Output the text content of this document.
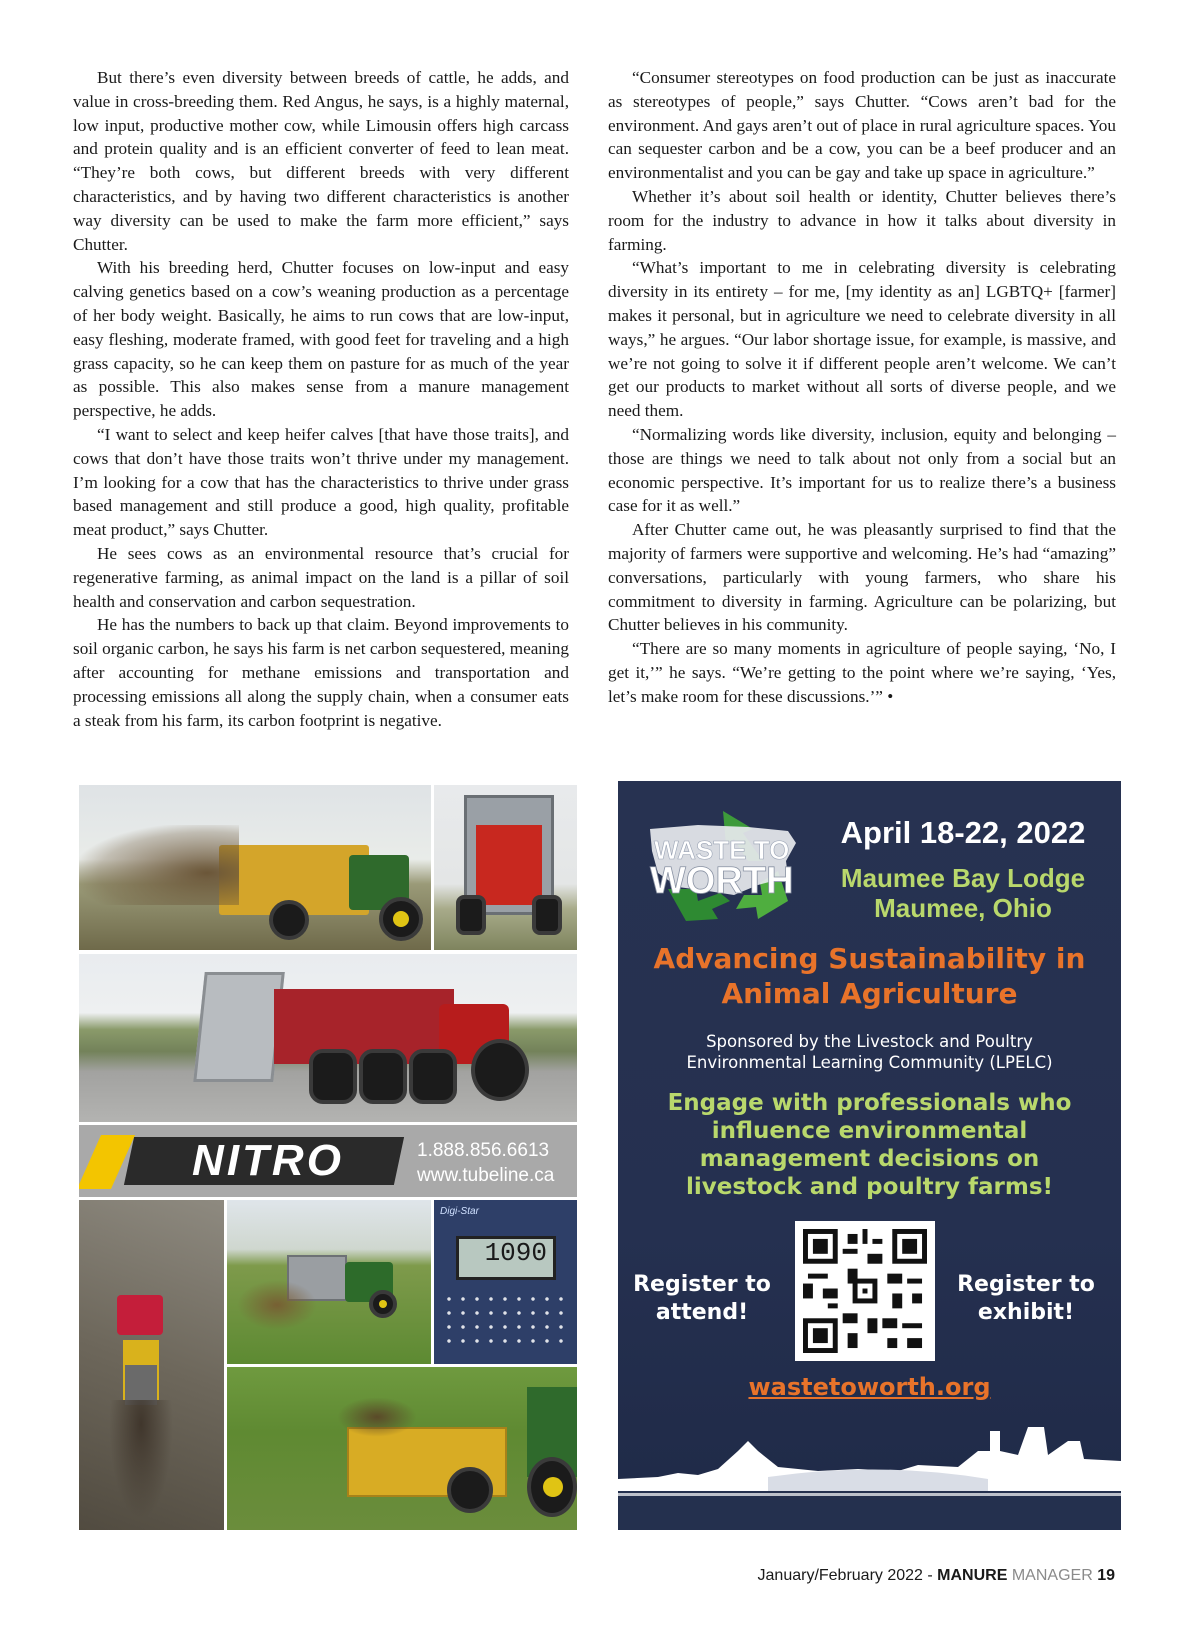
But there’s even diversity between breeds of cattle, he adds, and value in cross-breeding them. Red Angus, he says, is a highly maternal, low input, productive mother cow, while Limousin offers high carcass and protein quality and is an efficient converter of feed to lean meat. “They’re both cows, but different breeds with very different characteristics, and by having two different characteristics is another way diversity can be used to make the farm more efficient,” says Chutter.

With his breeding herd, Chutter focuses on low-input and easy calving genetics based on a cow’s weaning production as a percentage of her body weight. Basically, he aims to run cows that are low-input, easy fleshing, moderate framed, with good feet for traveling and a high grass capacity, so he can keep them on pasture for as much of the year as possible. This also makes sense from a manure management perspective, he adds.

“I want to select and keep heifer calves [that have those traits], and cows that don’t have those traits won’t thrive under my management. I’m looking for a cow that has the characteristics to thrive under grass based management and still produce a good, high quality, profitable meat product,” says Chutter.

He sees cows as an environmental resource that’s crucial for regenerative farming, as animal impact on the land is a pillar of soil health and conservation and carbon sequestration.

He has the numbers to back up that claim. Beyond improvements to soil organic carbon, he says his farm is net carbon sequestered, meaning after accounting for methane emissions and transportation and processing emissions all along the supply chain, when a consumer eats a steak from his farm, its carbon footprint is negative.

“Consumer stereotypes on food production can be just as inaccurate as stereotypes of people,” says Chutter. “Cows aren’t bad for the environment. And gays aren’t out of place in rural agriculture spaces. You can sequester carbon and be a cow, you can be a beef producer and an environmentalist and you can be gay and take up space in agriculture.”

Whether it’s about soil health or identity, Chutter believes there’s room for the industry to advance in how it talks about diversity in farming.

“What’s important to me in celebrating diversity is celebrating diversity in its entirety – for me, [my identity as an] LGBTQ+ [farmer] makes it personal, but in agriculture we need to celebrate diversity in all ways,” he argues. “Our labor shortage issue, for example, is massive, and we’re not going to solve it if different people aren’t welcome. We can’t get our products to market without all sorts of diverse people, and we need them.

“Normalizing words like diversity, inclusion, equity and belonging – those are things we need to talk about not only from a social but an economic perspective. It’s important for us to realize there’s a business case for it as well.”

After Chutter came out, he was pleasantly surprised to find that the majority of farmers were supportive and welcoming. He’s had “amazing” conversations, particularly with young farmers, who share his commitment to diversity in farming. Agriculture can be polarizing, but Chutter believes in his community.

“There are so many moments in agriculture of people saying, ‘No, I get it,’” he says. “We’re getting to the point where we’re saying, ‘Yes, let’s make room for these discussions.’” •

NITRO	1.888.856.6613
www.tubeline.ca
Digi-Star
1090
WASTE TO
WORTH
April 18-22, 2022
Maumee Bay Lodge
Maumee, Ohio
Advancing Sustainability in Animal Agriculture
Sponsored by the Livestock and Poultry Environmental Learning Community (LPELC)
Engage with professionals who influence environmental management decisions on livestock and poultry farms!
Register to attend!
Register to exhibit!
wastetoworth.org
January/February 2022 - MANURE MANAGER 19
